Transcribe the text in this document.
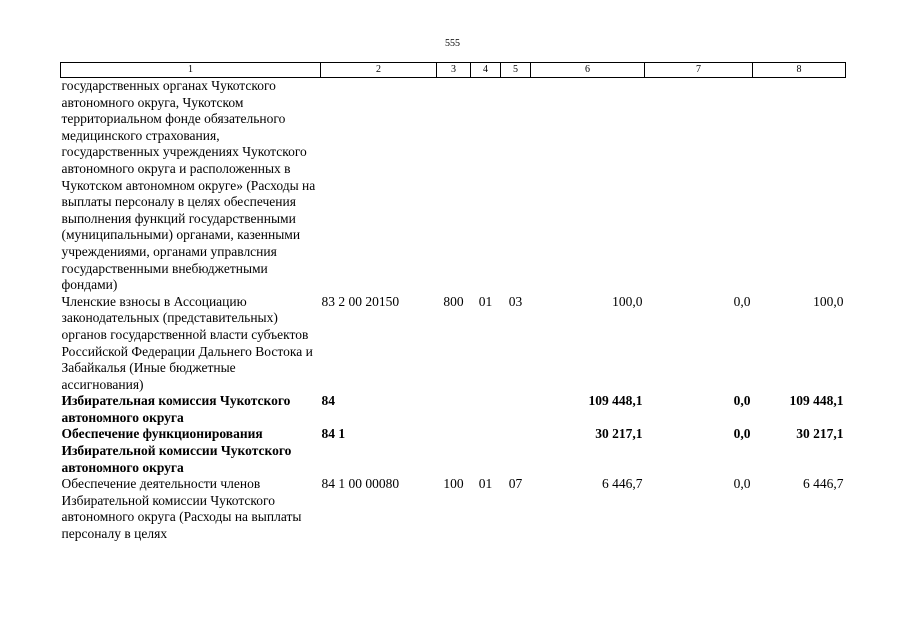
555
1	2	3	4	5	6	7	8
государственных органах Чукотского автономного округа, Чукотском территориальном фонде обязательного медицинского страхования, государственных учреждениях Чукотского автономного округа и расположенных в Чукотском автономном округе» (Расходы на выплаты персоналу в целях обеспечения выполнения функций государственными (муниципальными) органами, казенными учреждениями, органами управлсния государственными внебюджетными фондами)							
Членские взносы в Ассоциацию законодательных (представительных) органов государственной власти субъектов Российской Федерации Дальнего Востока и Забайкалья (Иные бюджетные ассигнования)	83 2 00 20150	800	01	03	100,0	0,0	100,0
Избирательная комиссия Чукотского автономного округа	84				109 448,1	0,0	109 448,1
Обеспечение функционирования Избирательной комиссии Чукотского автономного округа	84 1				30 217,1	0,0	30 217,1
Обеспечение деятельности членов Избирательной комиссии Чукотского автономного округа (Расходы на выплаты персоналу в целях	84 1 00 00080	100	01	07	6 446,7	0,0	6 446,7
